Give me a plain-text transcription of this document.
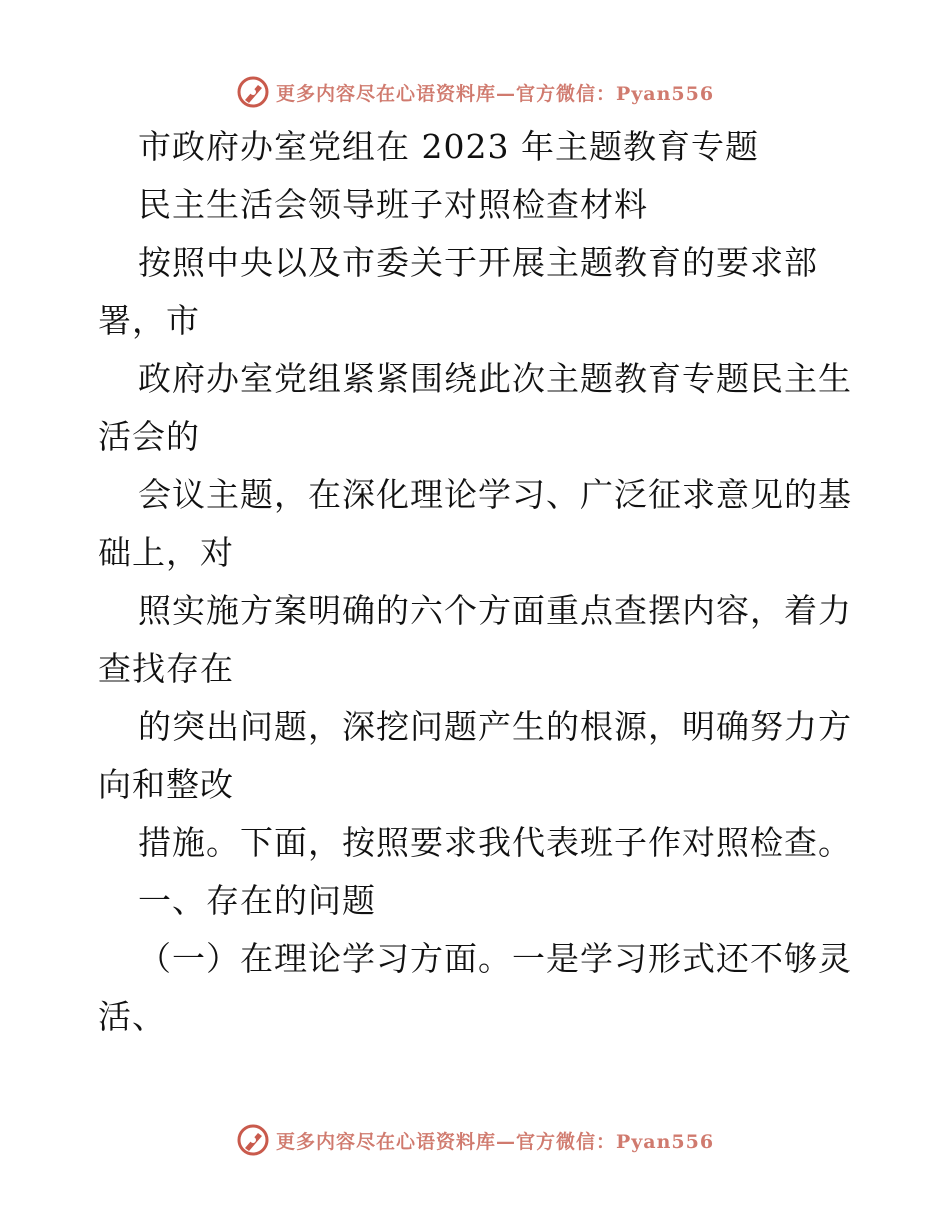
更多内容尽在心语资料库—官方微信：Pyan556
市政府办室党组在 2023 年主题教育专题
民主生活会领导班子对照检查材料
按照中央以及市委关于开展主题教育的要求部
署，市
政府办室党组紧紧围绕此次主题教育专题民主生
活会的
会议主题，在深化理论学习、广泛征求意见的基
础上，对
照实施方案明确的六个方面重点查摆内容，着力
查找存在
的突出问题，深挖问题产生的根源，明确努力方
向和整改
措施。下面，按照要求我代表班子作对照检查。
一、存在的问题
（一）在理论学习方面。一是学习形式还不够灵
活、
更多内容尽在心语资料库—官方微信：Pyan556
